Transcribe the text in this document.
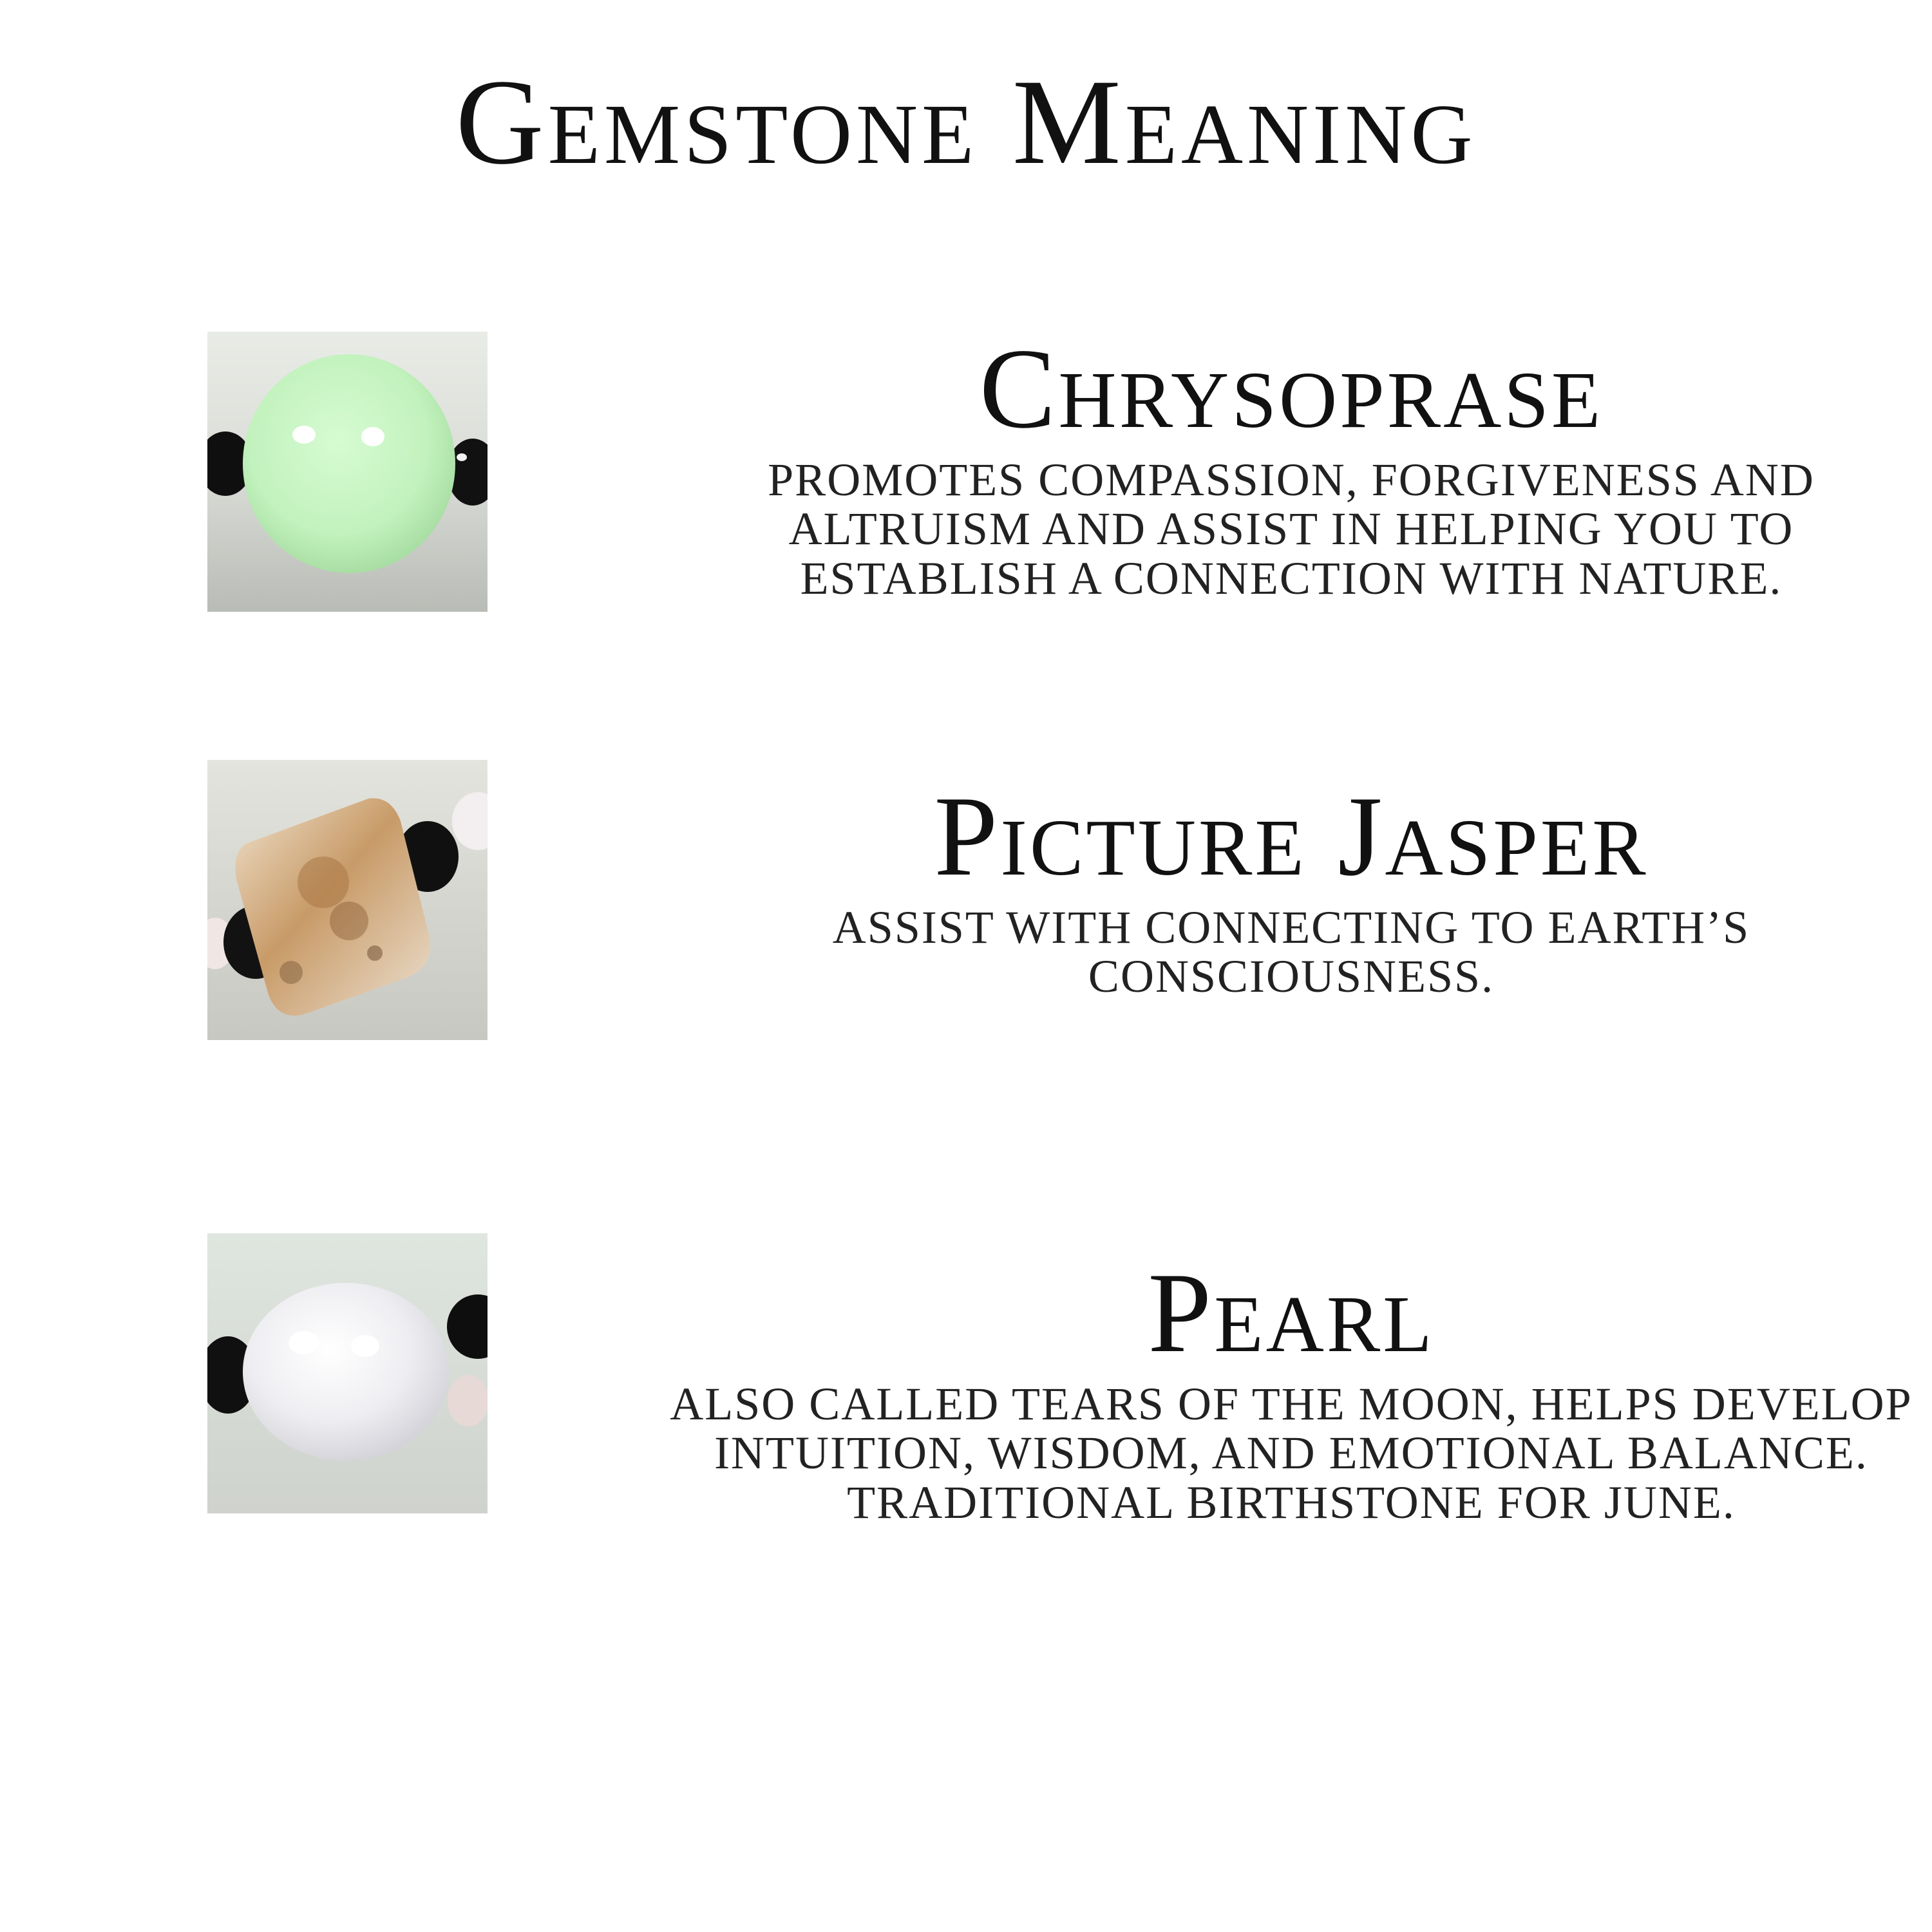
Gemstone Meaning
Chrysoprase

PROMOTES COMPASSION, FORGIVENESS AND ALTRUISM AND ASSIST IN HELPING YOU TO ESTABLISH A CONNECTION WITH NATURE.

Picture Jasper

ASSIST WITH CONNECTING TO EARTH’S CONSCIOUSNESS.

Pearl

ALSO CALLED TEARS OF THE MOON, HELPS DEVELOP INTUITION, WISDOM, AND EMOTIONAL BALANCE. TRADITIONAL BIRTHSTONE FOR JUNE.
